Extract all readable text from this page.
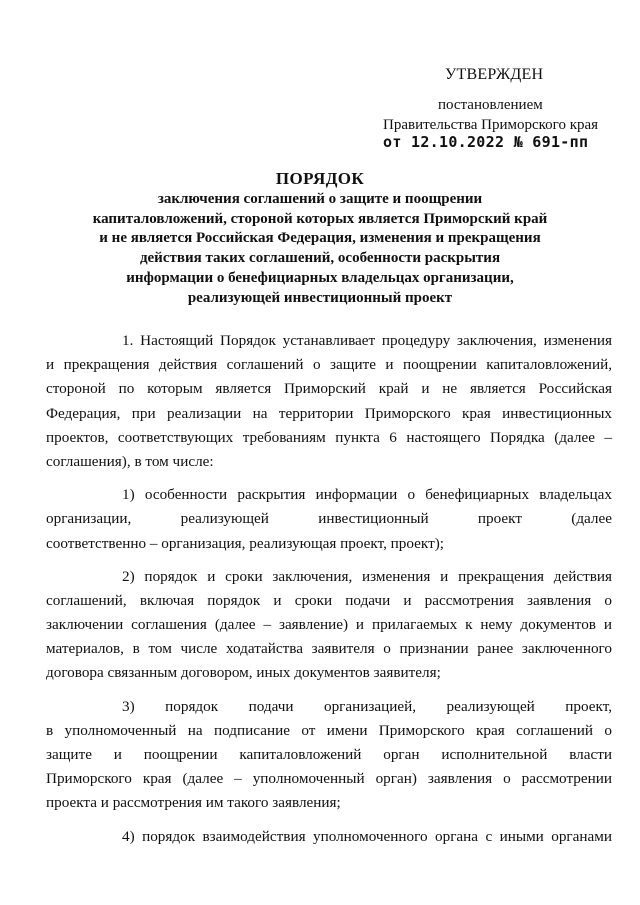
УТВЕРЖДЕН
постановлением
Правительства Приморского края
от 12.10.2022 № 691-пп
ПОРЯДОК
заключения соглашений о защите и поощрении
капиталовложений, стороной которых является Приморский край
и не является Российская Федерация, изменения и прекращения
действия таких соглашений, особенности раскрытия
информации о бенефициарных владельцах организации,
реализующей инвестиционный проект
1. Настоящий Порядок устанавливает процедуру заключения, изменения
и прекращения действия соглашений о защите и поощрении капиталовложений,
стороной по которым является Приморский край и не является Российская
Федерация, при реализации на территории Приморского края инвестиционных
проектов, соответствующих требованиям пункта 6 настоящего Порядка (далее –
соглашения), в том числе:
1) особенности раскрытия информации о бенефициарных владельцах
организации, реализующей инвестиционный проект (далее
соответственно – организация, реализующая проект, проект);
2) порядок и сроки заключения, изменения и прекращения действия
соглашений, включая порядок и сроки подачи и рассмотрения заявления о
заключении соглашения (далее – заявление) и прилагаемых к нему документов и
материалов, в том числе ходатайства заявителя о признании ранее заключенного
договора связанным договором, иных документов заявителя;
3) порядок подачи организацией, реализующей проект,
в уполномоченный на подписание от имени Приморского края соглашений о
защите и поощрении капиталовложений орган исполнительной власти
Приморского края (далее – уполномоченный орган) заявления о рассмотрении
проекта и рассмотрения им такого заявления;
4) порядок взаимодействия уполномоченного органа с иными органами
